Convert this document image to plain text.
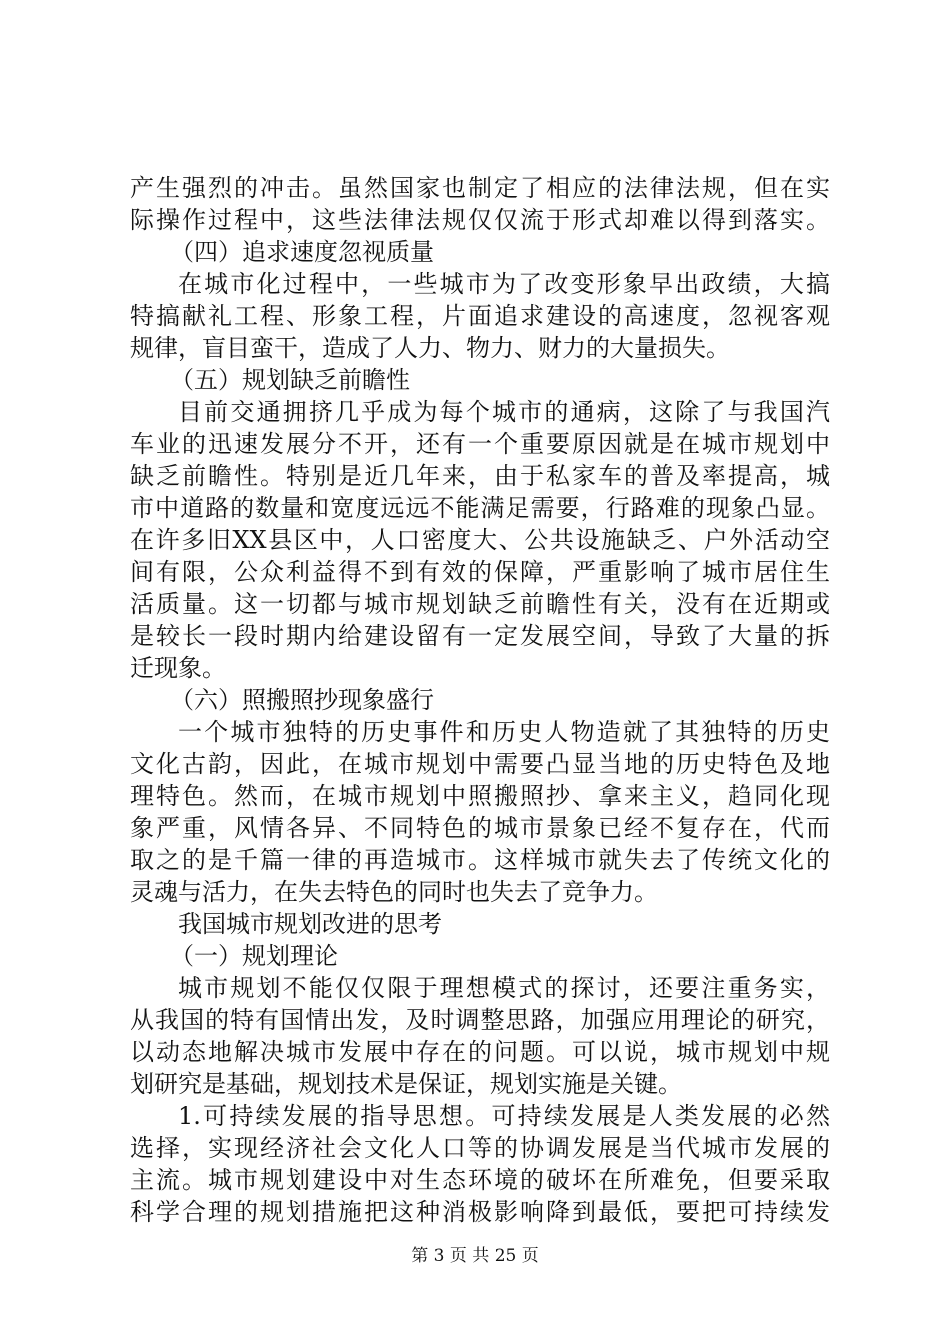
产生强烈的冲击。虽然国家也制定了相应的法律法规，但在实
际操作过程中，这些法律法规仅仅流于形式却难以得到落实。
（四）追求速度忽视质量
在城市化过程中，一些城市为了改变形象早出政绩，大搞
特搞献礼工程、形象工程，片面追求建设的高速度，忽视客观
规律，盲目蛮干，造成了人力、物力、财力的大量损失。
（五）规划缺乏前瞻性
目前交通拥挤几乎成为每个城市的通病，这除了与我国汽
车业的迅速发展分不开，还有一个重要原因就是在城市规划中
缺乏前瞻性。特别是近几年来，由于私家车的普及率提高，城
市中道路的数量和宽度远远不能满足需要，行路难的现象凸显。
在许多旧XX县区中，人口密度大、公共设施缺乏、户外活动空
间有限，公众利益得不到有效的保障，严重影响了城市居住生
活质量。这一切都与城市规划缺乏前瞻性有关，没有在近期或
是较长一段时期内给建设留有一定发展空间，导致了大量的拆
迁现象。
（六）照搬照抄现象盛行
一个城市独特的历史事件和历史人物造就了其独特的历史
文化古韵，因此，在城市规划中需要凸显当地的历史特色及地
理特色。然而，在城市规划中照搬照抄、拿来主义，趋同化现
象严重，风情各异、不同特色的城市景象已经不复存在，代而
取之的是千篇一律的再造城市。这样城市就失去了传统文化的
灵魂与活力，在失去特色的同时也失去了竞争力。
我国城市规划改进的思考
（一）规划理论
城市规划不能仅仅限于理想模式的探讨，还要注重务实，
从我国的特有国情出发，及时调整思路，加强应用理论的研究，
以动态地解决城市发展中存在的问题。可以说，城市规划中规
划研究是基础，规划技术是保证，规划实施是关键。
1.可持续发展的指导思想。可持续发展是人类发展的必然
选择，实现经济社会文化人口等的协调发展是当代城市发展的
主流。城市规划建设中对生态环境的破坏在所难免，但要采取
科学合理的规划措施把这种消极影响降到最低，要把可持续发
第 3 页 共 25 页
